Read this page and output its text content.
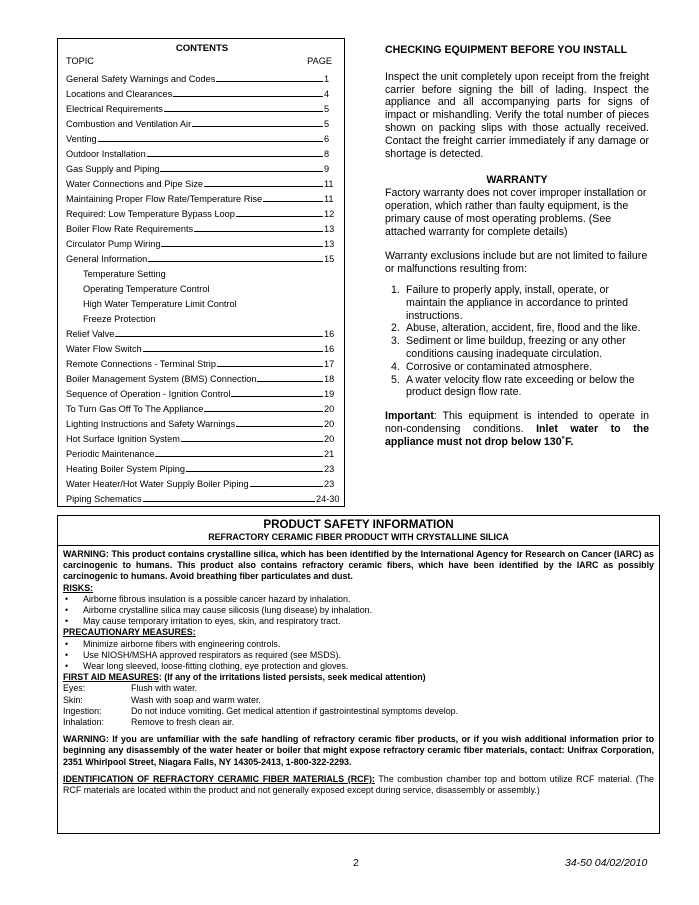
CONTENTS
TOPIC	PAGE
General Safety Warnings and Codes	1
Locations and Clearances	4
Electrical Requirements	5
Combustion and Ventilation Air	5
Venting	6
Outdoor Installation	8
Gas Supply and Piping	9
Water Connections and Pipe Size	11
Maintaining Proper Flow Rate/Temperature Rise	11
Required: Low Temperature Bypass Loop	12
Boiler Flow Rate Requirements	13
Circulator Pump Wiring	13
General Information	15
Temperature Setting
Operating Temperature Control
High Water Temperature Limit Control
Freeze Protection
Relief Valve	16
Water Flow Switch	16
Remote Connections - Terminal Strip	17
Boiler Management System (BMS) Connection	18
Sequence of Operation - Ignition Control	19
To Turn Gas Off To The Appliance	20
Lighting Instructions and Safety Warnings	20
Hot Surface Ignition System	20
Periodic Maintenance	21
Heating Boiler System Piping	23
Water Heater/Hot Water Supply Boiler Piping	23
Piping Schematics	24-30
CHECKING EQUIPMENT BEFORE YOU INSTALL

Inspect the unit completely upon receipt from the freight carrier before signing the bill of lading. Inspect the appliance and all accompanying parts for signs of impact or mishandling. Verify the total number of pieces shown on packing slips with those actually received. Contact the freight carrier immediately if any damage or shortage is detected.

WARRANTY

Factory warranty does not cover improper installation or operation, which rather than faulty equipment, is the primary cause of most operating problems. (See attached warranty for complete details)

Warranty exclusions include but are not limited to failure or malfunctions resulting from:

1. Failure to properly apply, install, operate, or maintain the appliance in accordance to printed instructions.
2. Abuse, alteration, accident, fire, flood and the like.
3. Sediment or lime buildup, freezing or any other conditions causing inadequate circulation.
4. Corrosive or contaminated atmosphere.
5. A water velocity flow rate exceeding or below the product design flow rate.

Important: This equipment is intended to operate in non-condensing conditions. Inlet water to the appliance must not drop below 130˚F.

PRODUCT SAFETY INFORMATION
REFRACTORY CERAMIC FIBER PRODUCT WITH CRYSTALLINE SILICA

WARNING: This product contains crystalline silica, which has been identified by the International Agency for Research on Cancer (IARC) as carcinogenic to humans. This product also contains refractory ceramic fibers, which have been identified by the IARC as possibly carcinogenic to humans. Avoid breathing fiber particulates and dust.

RISKS:

•	Airborne fibrous insulation is a possible cancer hazard by inhalation.
•	Airborne crystalline silica may cause silicosis (lung disease) by inhalation.
•	May cause temporary irritation to eyes, skin, and respiratory tract.

PRECAUTIONARY MEASURES:

•	Minimize airborne fibers with engineering controls.
•	Use NIOSH/MSHA approved respirators as required (see MSDS).
•	Wear long sleeved, loose-fitting clothing, eye protection and gloves.

FIRST AID MEASURES: (If any of the irritations listed persists, seek medical attention)

Eyes:	Flush with water.
Skin:	Wash with soap and warm water.
Ingestion:	Do not induce vomiting. Get medical attention if gastrointestinal symptoms develop.
Inhalation:	Remove to fresh clean air.

WARNING: If you are unfamiliar with the safe handling of refractory ceramic fiber products, or if you wish additional information prior to beginning any disassembly of the water heater or boiler that might expose refractory ceramic fiber materials, contact: Unifrax Corporation, 2351 Whirlpool Street, Niagara Falls, NY 14305-2413, 1-800-322-2293.

IDENTIFICATION OF REFRACTORY CERAMIC FIBER MATERIALS (RCF): The combustion chamber top and bottom utilize RCF material. (The RCF materials are located within the product and not generally exposed except during service, disassembly or assembly.)

2	34-50 04/02/2010
